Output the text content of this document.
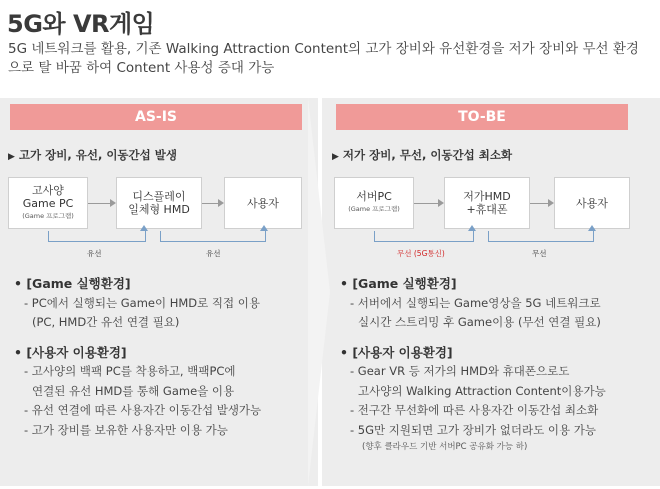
5G와 VR게임
5G 네트워크를 활용, 기존 Walking Attraction Content의 고가 장비와 유선환경을 저가 장비와 무선 환경으로 탈 바꿈 하여 Content 사용성 증대 가능
AS-IS	TO-BE
▶ 고가 장비, 유선, 이동간섭 발생	▶ 저가 장비, 무선, 이동간섭 최소화
고사양
Game PC
(Game 프로그램)
디스플레이
일체형 HMD	사용자
유선	유선
서버PC
(Game 프로그램)
저가HMD
+휴대폰	사용자
무선 (5G통신)	무선
• [Game 실행환경]
- PC에서 실행되는 Game이 HMD로 직접 이용
(PC, HMD간 유선 연결 필요)
• [사용자 이용환경]
- 고사양의 백팩 PC를 착용하고, 백팩PC에
연결된 유선 HMD를 통해 Game을 이용
- 유선 연결에 따른 사용자간 이동간섭 발생가능
- 고가 장비를 보유한 사용자만 이용 가능
• [Game 실행환경]
- 서버에서 실행되는 Game영상을 5G 네트워크로
실시간 스트리밍 후 Game이용 (무선 연결 필요)
• [사용자 이용환경]
- Gear VR 등 저가의 HMD와 휴대폰으로도
고사양의 Walking Attraction Content이용가능
- 전구간 무선화에 따른 사용자간 이동간섭 최소화
- 5G만 지원되면 고가 장비가 없더라도 이용 가능
(향후 클라우드 기반 서버PC 공유화 가능 하)
